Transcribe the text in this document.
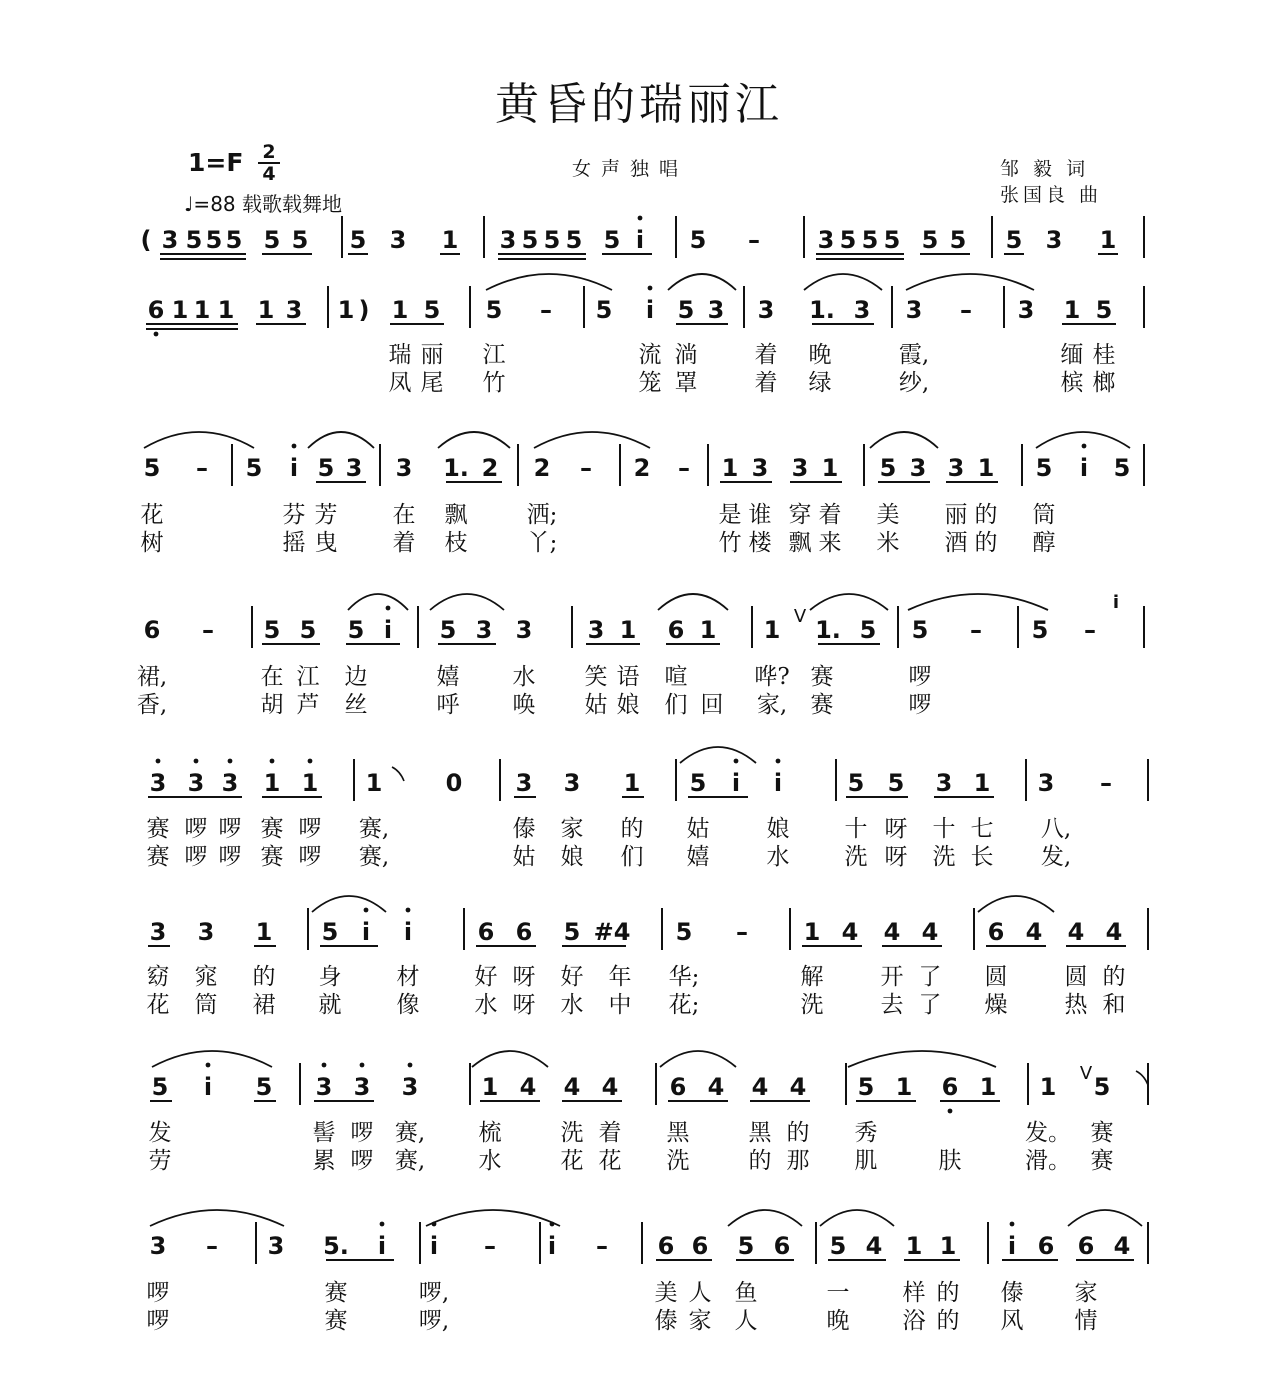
黄昏的瑞丽江
1=F 2
4
♩=88 载歌载舞地
女声独唱	邹 毅 词
张国良 曲
( 3 5 5 5 5 5 5 3 1 3 5 5 5 5 i 5 – 3 5 5 5 5 5 5 3 1
6 1 1 1 1 3 1 ) 1 5 5 – 5 i 5 3 3 1. 3 3 – 3 1 5
瑞 丽 江	流 淌 着 晚	霞,	缅 桂
凤 尾 竹	笼 罩 着 绿	纱,	槟 榔
5 – 5 i 5 3 3 1. 2 2 – 2 – 1 3 3 1 5 3 3 1 5 i 5
花	芬 芳 在 飘	洒;	是 谁 穿 着 美 丽 的 筒
树	摇 曳 着 枝	丫;	竹 楼 飘 来 米 酒 的 醇
6 – 5 5 5 i 5 3 3 3 1 6 1 1 1. 5 5 – 5 –
裙,	在 江 边	嬉 水 笑 语 喧	哗? 赛	啰
香,	胡 芦 丝	呼 唤 姑 娘 们 回 家, 赛	啰
3 3 3 1 1 1	0 3 3 1 5 i i	5 5 3 1 3 –
赛 啰 啰 赛 啰 赛,	傣 家 的 姑 娘 十 呀 十 七 八,
赛 啰 啰 赛 啰 赛,	姑 娘 们 嬉 水 洗 呀 洗 长 发,
3 3 1 5 i i	6 6 5 #4 5 – 1 4 4 4 6 4 4 4
窈 窕 的 身 材 好 呀 好 年 华;	解 开 了 圆 圆 的
花 筒 裙 就 像 水 呀 水 中 花;	洗 去 了 燥 热 和
5 i 5 3 3 3	1 4 4 4 6 4 4 4 5 1 6 1 1 5
发	髻 啰 赛, 梳	洗 着 黑	黑 的 秀	发。 赛
劳	累 啰 赛, 水	花 花 洗	的 那 肌	肤	滑。 赛
3 – 3 5. i i – i – 6 6 5 6 5 4 1 1 i 6 6 4
啰	赛	啰,	美 人 鱼	一 样 的 傣 家
啰	赛	啰,	傣 家 人	晚 浴 的 风 情
V
V
i
